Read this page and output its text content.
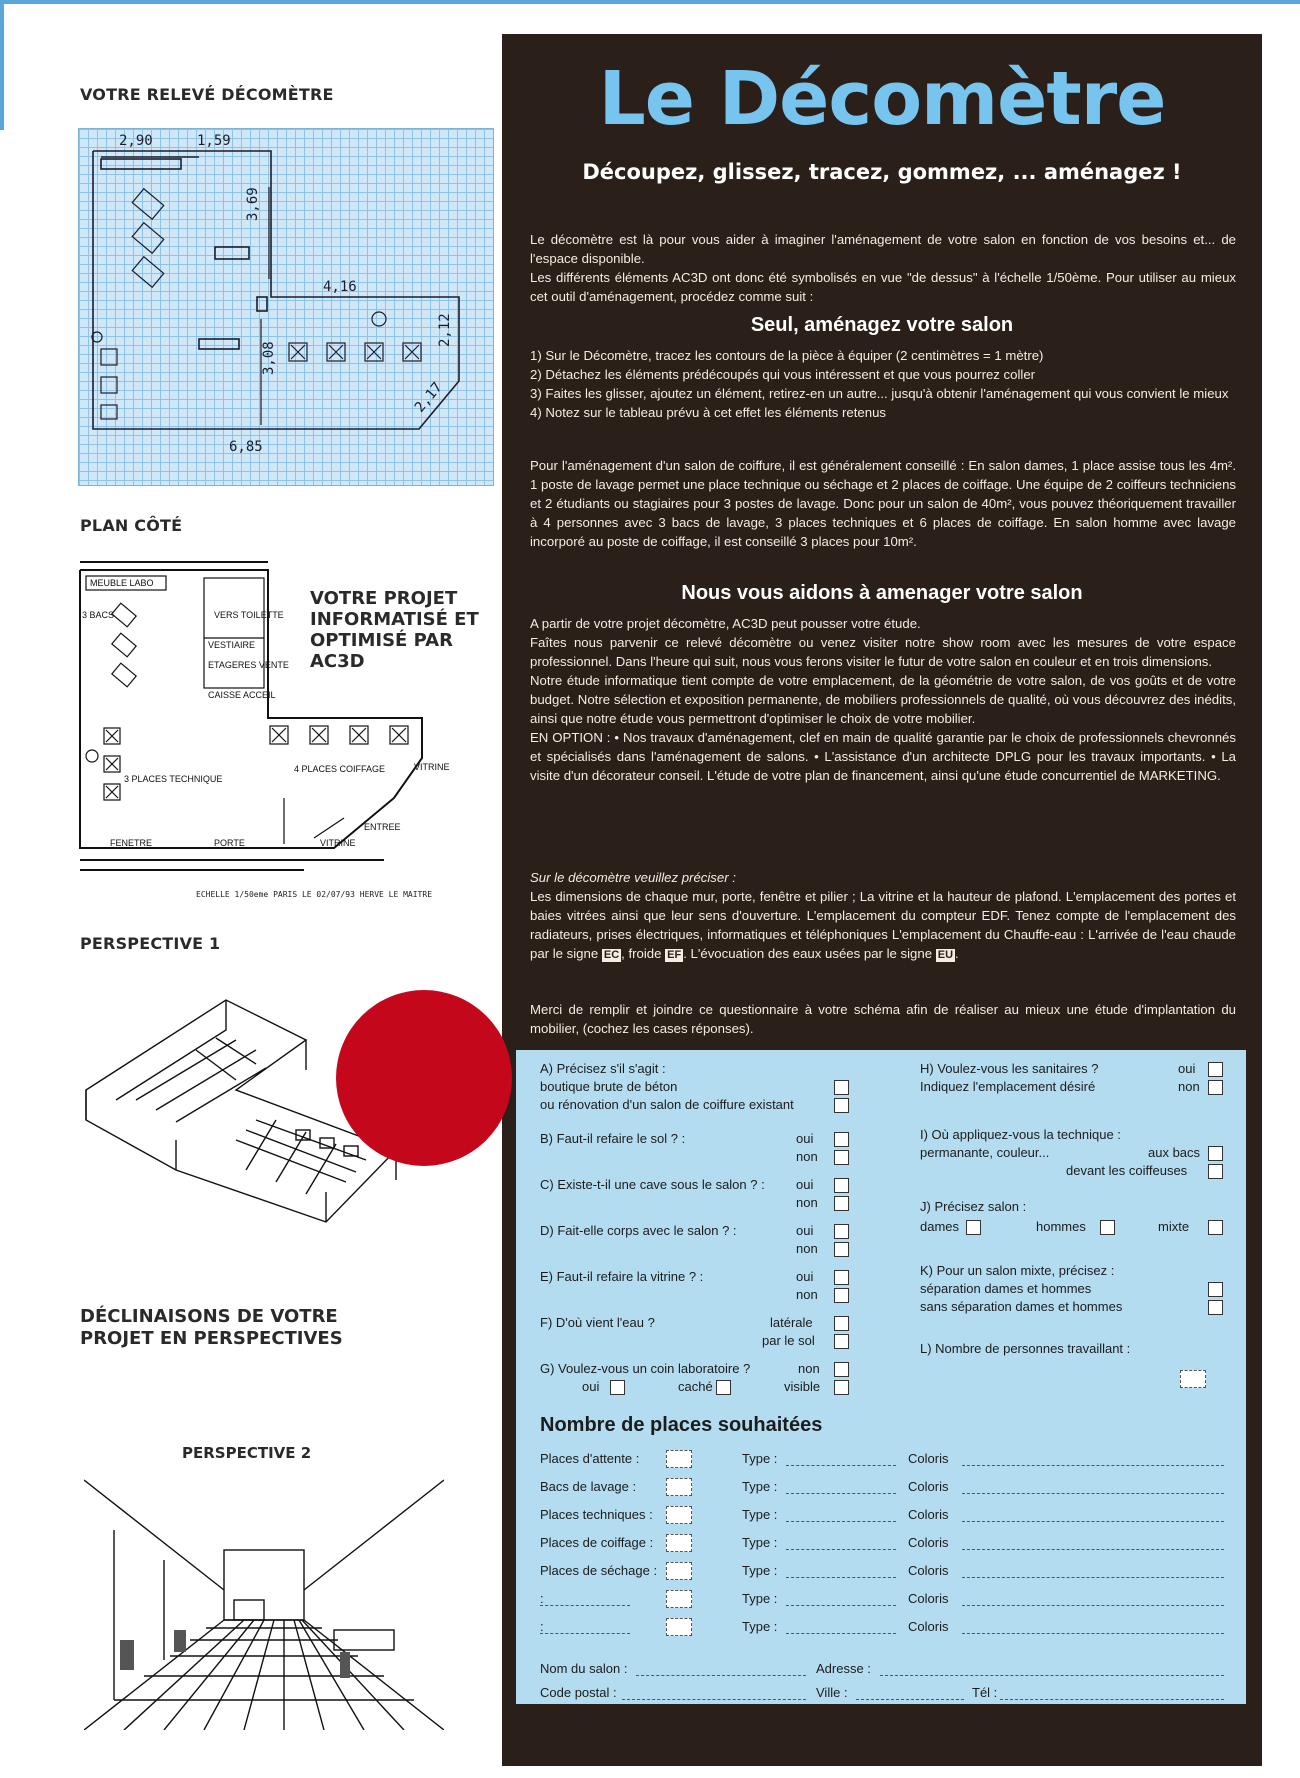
VOTRE RELEVÉ DÉCOMÈTRE
2,90	1,59
3,69
4,16
2,12
3,08
2,17
6,85
PLAN CÔTÉ
MEUBLE LABO
3 BACS	VERS TOILETTE
VESTIAIRE
ETAGERES VENTE
CAISSE ACCEIL
3 PLACES TECHNIQUE
4 PLACES COIFFAGE	VITRINE
ENTREE
FENETRE	PORTE	VITRINE
ECHELLE 1/50eme PARIS LE 02/07/93 HERVE LE MAITRE
VOTRE PROJET INFORMATISÉ ET OPTIMISÉ PAR AC3D
PERSPECTIVE 1
DÉCLINAISONS DE VOTRE PROJET EN PERSPECTIVES
PERSPECTIVE 2
Le Décomètre
Découpez, glissez, tracez, gommez, ... aménagez !

Le décomètre est là pour vous aider à imaginer l'aménagement de votre salon en fonction de vos besoins et... de l'espace disponible.

Les différents éléments AC3D ont donc été symbolisés en vue "de dessus" à l'échelle 1/50ème. Pour utiliser au mieux cet outil d'aménagement, procédez comme suit :

Seul, aménagez votre salon

1) Sur le Décomètre, tracez les contours de la pièce à équiper (2 centimètres = 1 mètre)

2) Détachez les éléments prédécoupés qui vous intéressent et que vous pourrez coller

3) Faites les glisser, ajoutez un élément, retirez-en un autre... jusqu'à obtenir l'aménagement qui vous convient le mieux

4) Notez sur le tableau prévu à cet effet les éléments retenus

Pour l'aménagement d'un salon de coiffure, il est généralement conseillé : En salon dames, 1 place assise tous les 4m². 1 poste de lavage permet une place technique ou séchage et 2 places de coiffage. Une équipe de 2 coiffeurs techniciens et 2 étudiants ou stagiaires pour 3 postes de lavage. Donc pour un salon de 40m², vous pouvez théoriquement travailler à 4 personnes avec 3 bacs de lavage, 3 places techniques et 6 places de coiffage. En salon homme avec lavage incorporé au poste de coiffage, il est conseillé 3 places pour 10m².
Nous vous aidons à amenager votre salon

A partir de votre projet décomètre, AC3D peut pousser votre étude.

Faîtes nous parvenir ce relevé décomètre ou venez visiter notre show room avec les mesures de votre espace professionnel. Dans l'heure qui suit, nous vous ferons visiter le futur de votre salon en couleur et en trois dimensions.

Notre étude informatique tient compte de votre emplacement, de la géométrie de votre salon, de vos goûts et de votre budget. Notre sélection et exposition permanente, de mobiliers professionnels de qualité, où vous découvrez des inédits, ainsi que notre étude vous permettront d'optimiser le choix de votre mobilier.

EN OPTION : • Nos travaux d'aménagement, clef en main de qualité garantie par le choix de professionnels chevronnés et spécialisés dans l'aménagement de salons. • L'assistance d'un architecte DPLG pour les travaux importants. • La visite d'un décorateur conseil. L'étude de votre plan de financement, ainsi qu'une étude concurrentiel de MARKETING.

Sur le décomètre veuillez préciser :

Les dimensions de chaque mur, porte, fenêtre et pilier ; La vitrine et la hauteur de plafond. L'emplacement des portes et baies vitrées ainsi que leur sens d'ouverture. L'emplacement du compteur EDF. Tenez compte de l'emplacement des radiateurs, prises électriques, informatiques et téléphoniques L'emplacement du Chauffe-eau : L'arrivée de l'eau chaude par le signe EC , froide EF . L'évocuation des eaux usées par le signe EU .

Merci de remplir et joindre ce questionnaire à votre schéma afin de réaliser au mieux une étude d'implantation du mobilier, (cochez les cases réponses).
A) Précisez s'il s'agit :
boutique brute de béton
ou rénovation d'un salon de coiffure existant
B) Faut-il refaire le sol ? :	oui
non
C) Existe-t-il une cave sous le salon ? : oui
non
D) Fait-elle corps avec le salon ? :	oui
non
E) Faut-il refaire la vitrine ? :	oui
non
F) D'où vient l'eau ?	latérale
par le sol
G) Voulez-vous un coin laboratoire ?	non
oui	caché	visible
H) Voulez-vous les sanitaires ?	oui
Indiquez l'emplacement désiré	non
I) Où appliquez-vous la technique :
permanante, couleur...	aux bacs
devant les coiffeuses
J) Précisez salon :
dames	hommes	mixte
K) Pour un salon mixte, précisez :
séparation dames et hommes
sans séparation dames et hommes
L) Nombre de personnes travaillant :
Nombre de places souhaitées
Places d'attente :	Type :	Coloris
Bacs de lavage :	Type :	Coloris
Places techniques :	Type :	Coloris
Places de coiffage :	Type :	Coloris
Places de séchage :	Type :	Coloris
:	Type :	Coloris
:	Type :	Coloris
Nom du salon :	Adresse :
Code postal :	Ville :	Tél :
